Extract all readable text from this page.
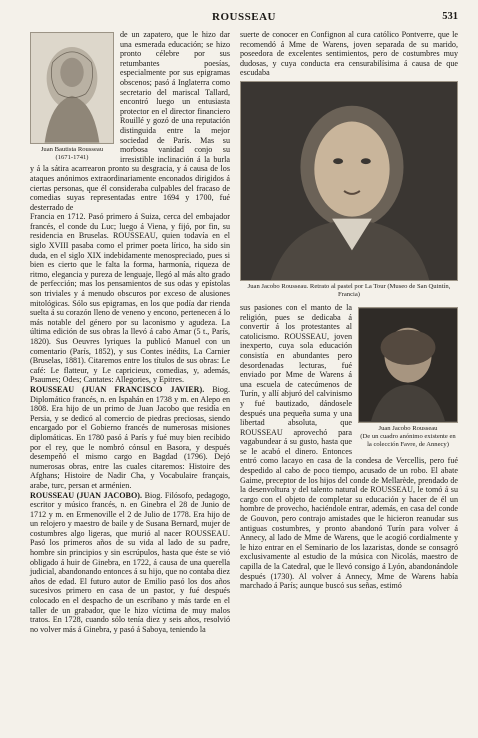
ROUSSEAU	531
Juan Bautista Rousseau
(1671-1741)

de un zapatero, que le hizo dar una esmerada educación; se hizo pronto célebre por sus retumbantes poesías, especialmente por sus epigramas obscenos; pasó á Inglaterra como secretario del mariscal Tallard, encontró luego un entusiasta protector en el director financiero Rouillé y gozó de una reputación distinguida entre la mejor sociedad de París. Mas su morbosa vanidad conjo su irresistible inclinación á la burla y á la sátira acarrearon pronto su desgracia, y á causa de los ataques anónimos extraordinariamente enconados dirigidos á ciertas personas, que él consideraba culpables del fracaso de comedias suyas representadas entre 1694 y 1700, fué desterrado de

Francia en 1712. Pasó primero á Suiza, cerca del embajador francés, el conde du Luc; luego á Viena, y fijó, por fin, su residencia en Bruselas. ROUSSEAU, quien todavía en el siglo XVIII pasaba como el primer poeta lírico, ha sido sin duda, en el siglo XIX indebidamente menospreciado, pues si bien es cierto que le falta la forma, harmonía, riqueza de ritmo, elegancia y pureza de lenguaje, llegó al más alto grado de perfección; mas los pensamientos de sus odas y epístolas son triviales y á menudo obscuros por exceso de alusiones mitológicas. Sólo sus epigramas, en los que podía dar rienda suelta á su corazón lleno de veneno y encono, pertenecen á lo más notable del género por su laconismo y agudeza. La última edición de sus obras la llevó á cabo Amar (5 t., París, 1820). Sus Oeuvres lyriques la publicó Manuel con un comentario (París, 1852), y sus Contes inédits, La Carnier (Bruselas, 1881). Citaremos entre los títulos de sus obras: Le café: Le flatteur, y Le capricieux, comedias, y, además, Psaumes; Odes; Cantates: Allegories, y Epitres.

ROUSSEAU (JUAN FRANCISCO JAVIER). Biog. Diplomático francés, n. en Ispahán en 1738 y m. en Alepo en 1808. Era hijo de un primo de Juan Jacobo que residía en Persia, y se dedicó al comercio de piedras preciosas, siendo encargado por el Gobierno francés de numerosas misiones diplomáticas. En 1780 pasó á París y fué muy bien recibido por el rey, que le nombró cónsul en Basora, y después desempeñó el mismo cargo en Bagdad (1796). Dejó numerosas obras, entre las cuales citaremos: Histoire des Afghans; Histoire de Nadir Cha, y Vocabulaire français, arabe, turc, persan et arménien.

ROUSSEAU (JUAN JACOBO). Biog. Filósofo, pedagogo, escritor y músico francés, n. en Ginebra el 28 de Junio de 1712 y m. en Ermenoville el 2 de Julio de 1778. Era hijo de un relojero y maestro de baile y de Susana Bernard, mujer de costumbres algo ligeras, que murió al nacer ROUSSEAU. Pasó los primeros años de su vida al lado de su padre, hombre sin principios y sin escrúpulos, hasta que éste se vió obligado á huir de Ginebra, en 1722, á causa de una querella judicial, abandonando entonces á su hijo, que no contaba diez años de edad. El futuro autor de Emilio pasó los dos años sucesivos primero en casa de un pastor, y fué después colocado en el despacho de un escribano y más tarde en el taller de un grabador, que le hizo víctima de muy malos tratos. En 1728, cuando sólo tenía diez y seis años, resolvió no volver más á Ginebra, y pasó á Saboya, teniendo la

suerte de conocer en Confignon al cura católico Pontverre, que le recomendó á Mme de Warens, joven separada de su marido, poseedora de excelentes sentimientos, pero de costumbres muy dudosas, y cuya conducta era censurabilísima á causa de que escudaba

Juan Jacobo Rousseau. Retrato al pastel por La Tour (Museo de San Quintín, Francia)
Juan Jacobo Rousseau
(De un cuadro anónimo existente en la colección Favre, de Annecy)

sus pasiones con el manto de la religión, pues se dedicaba á convertir á los protestantes al catolicismo. ROUSSEAU, joven inexperto, cuya sola educación consistía en abundantes pero desordenadas lecturas, fué enviado por Mme de Warens á una escuela de catecúmenos de Turín, y allí abjuró del calvinismo y fué bautizado, dándosele después una pequeña suma y una libertad absoluta, que ROUSSEAU aprovechó para vagabundear á su gusto, hasta que se le acabó el dinero. Entonces entró como lacayo en casa de la condesa de Vercellis, pero fué despedido al cabo de poco tiempo, acusado de un robo. El abate Gaime, preceptor de los hijos del conde de Mellarède, prendado de la desenvoltura y del talento natural de ROUSSEAU, le tomó á su cargo con el objeto de completar su educación y hacer de él un hombre de provecho, haciéndole entrar, además, en casa del conde de Gouvon, pero contrajo amistades que le hicieron reanudar sus antiguas costumbres, y pronto abandonó Turín para volver á Annecy, al lado de Mme de Warens, que le acogió cordialmente y le hizo entrar en el Seminario de los lazaristas, donde se consagró exclusivamente al estudio de la música con Nicolás, maestro de capilla de la Catedral, que le llevó consigo á Lyón, abandonándole después (1730). Al volver á Annecy, Mme de Warens había marchado á París; aunque buscó sus señas, estimó
